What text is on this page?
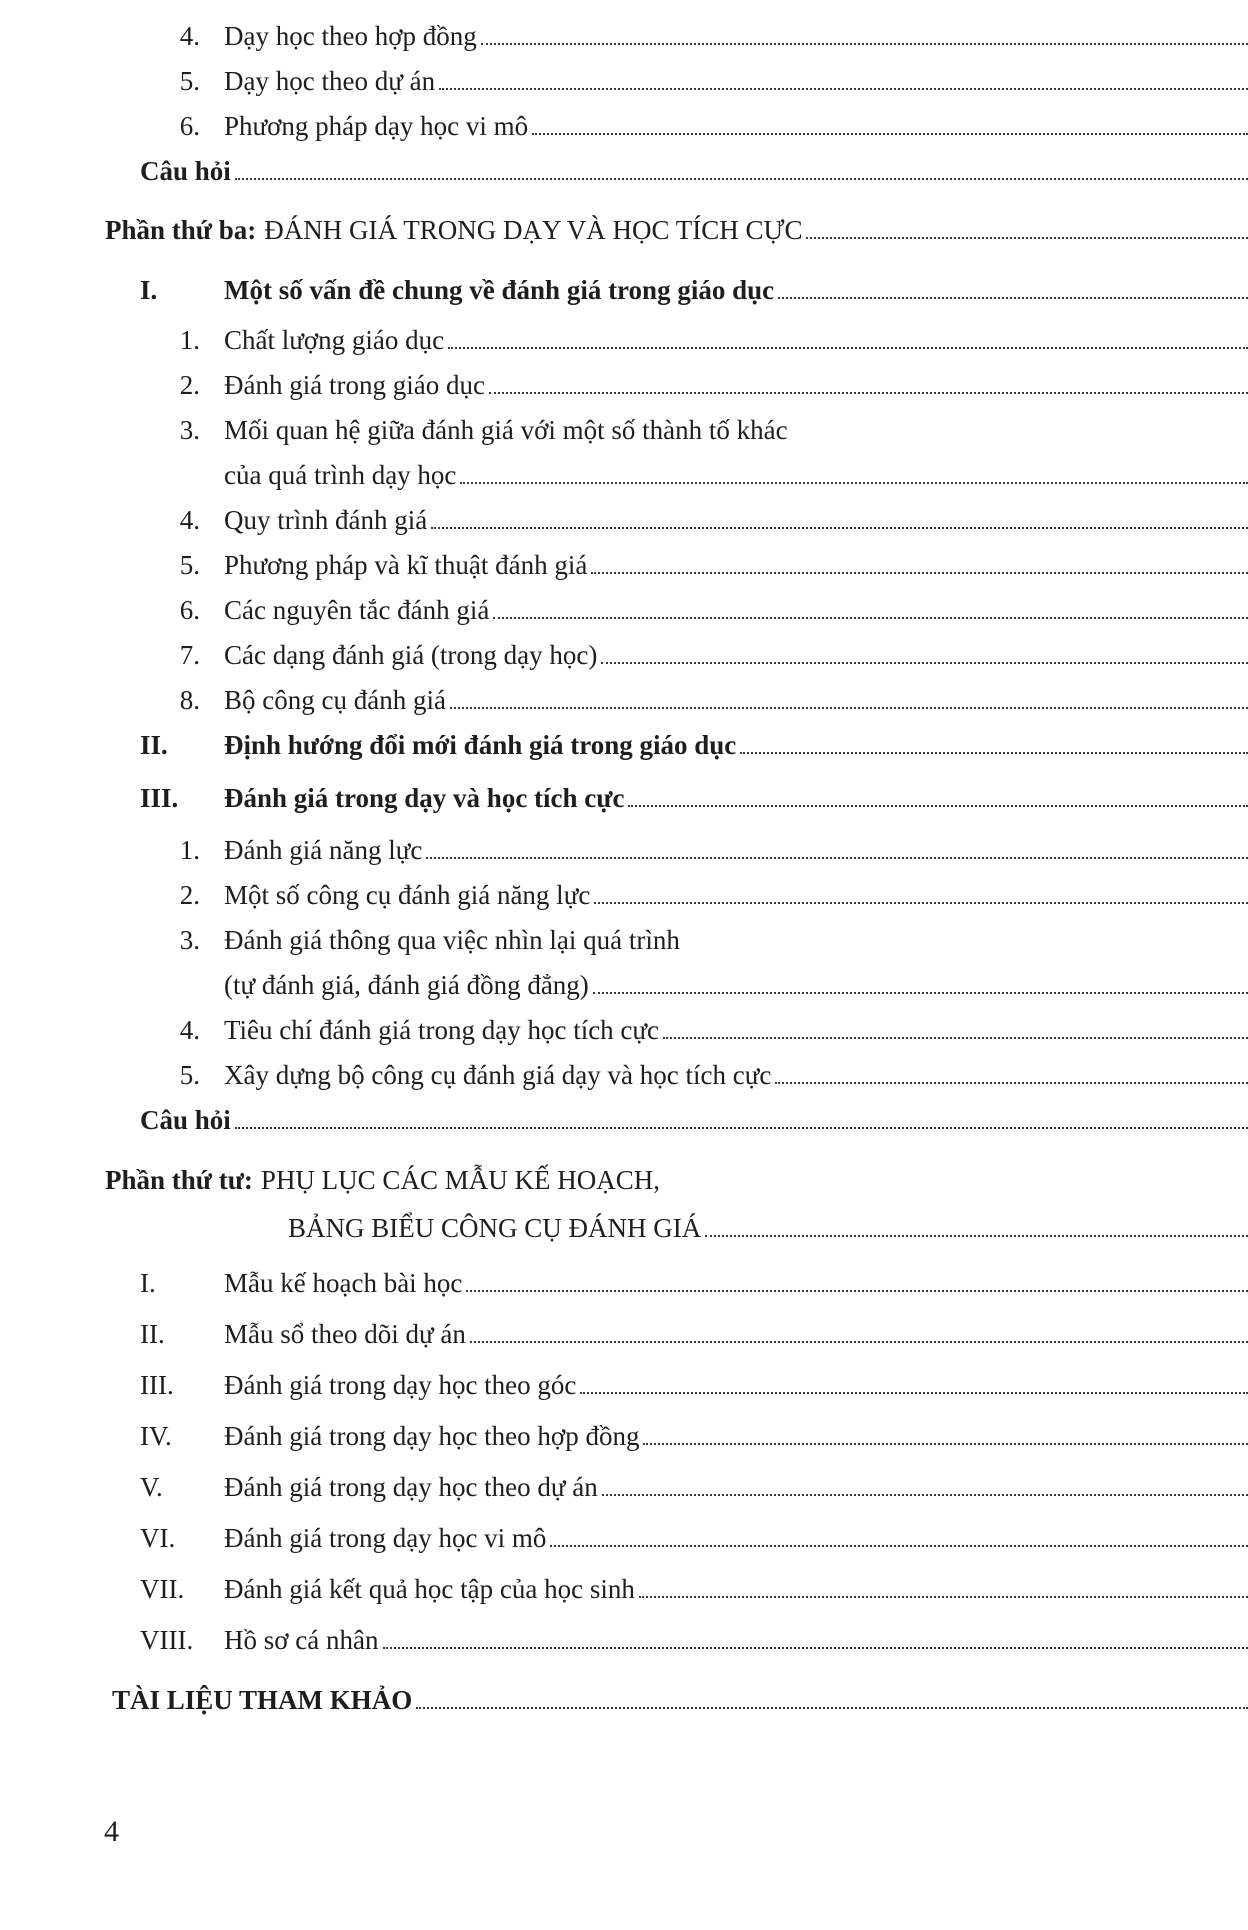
4. Dạy học theo hợp đồng
5. Dạy học theo dự án
6. Phương pháp dạy học vi mô
Câu hỏi
Phần thứ ba: ĐÁNH GIÁ TRONG DẠY VÀ HỌC TÍCH CỰC
I. Một số vấn đề chung về đánh giá trong giáo dục
1. Chất lượng giáo dục
2. Đánh giá trong giáo dục
3. Mối quan hệ giữa đánh giá với một số thành tố khác
của quá trình dạy học
4. Quy trình đánh giá
5. Phương pháp và kĩ thuật đánh giá
6. Các nguyên tắc đánh giá
7. Các dạng đánh giá (trong dạy học)
8. Bộ công cụ đánh giá
II. Định hướng đổi mới đánh giá trong giáo dục
III. Đánh giá trong dạy và học tích cực
1. Đánh giá năng lực
2. Một số công cụ đánh giá năng lực
3. Đánh giá thông qua việc nhìn lại quá trình
(tự đánh giá, đánh giá đồng đẳng)
4. Tiêu chí đánh giá trong dạy học tích cực
5. Xây dựng bộ công cụ đánh giá dạy và học tích cực
Câu hỏi
Phần thứ tư: PHỤ LỤC CÁC MẪU KẾ HOẠCH,
BẢNG BIỂU CÔNG CỤ ĐÁNH GIÁ
I.	Mẫu kế hoạch bài học
II. Mẫu sổ theo dõi dự án
III. Đánh giá trong dạy học theo góc
IV. Đánh giá trong dạy học theo hợp đồng
V. Đánh giá trong dạy học theo dự án
VI. Đánh giá trong dạy học vi mô
VII. Đánh giá kết quả học tập của học sinh
VIII. Hồ sơ cá nhân
TÀI LIỆU THAM KHẢO
4
